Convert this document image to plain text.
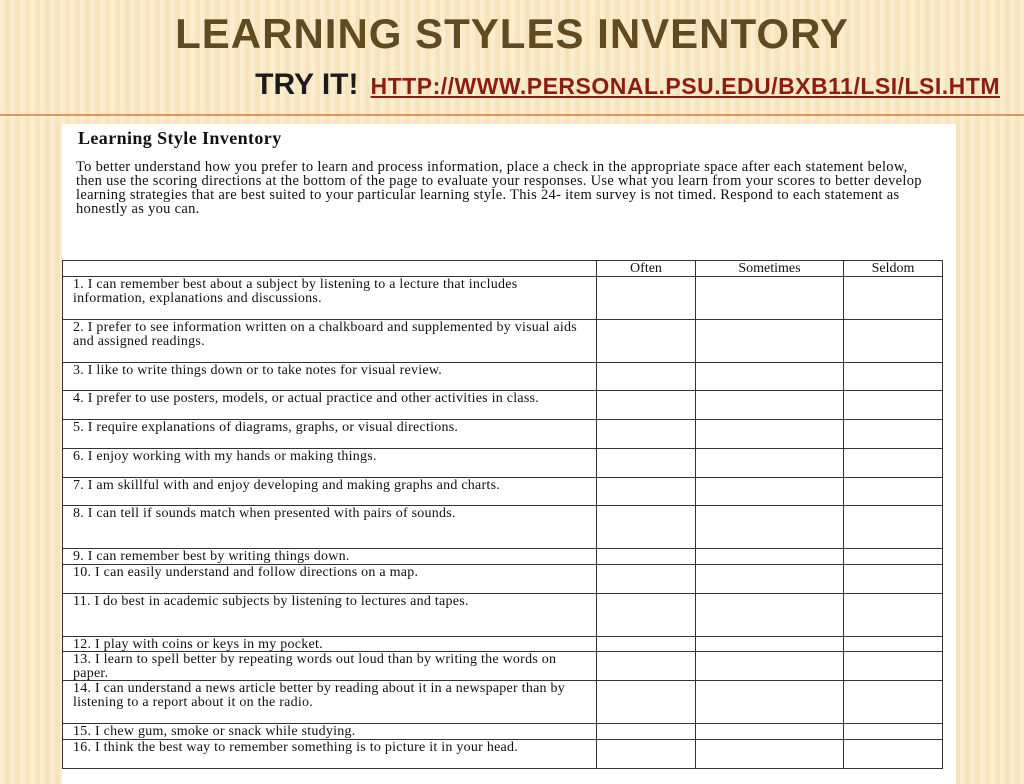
LEARNING STYLES INVENTORY
TRY IT! HTTP://WWW.PERSONAL.PSU.EDU/BXB11/LSI/LSI.HTM
Learning Style Inventory
To better understand how you prefer to learn and process information, place a check in the appropriate space after each statement below, then use the scoring directions at the bottom of the page to evaluate your responses. Use what you learn from your scores to better develop learning strategies that are best suited to your particular learning style. This 24- item survey is not timed. Respond to each statement as honestly as you can.
	Often	Sometimes	Seldom
1. I can remember best about a subject by listening to a lecture that includes information, explanations and discussions.			
2. I prefer to see information written on a chalkboard and supplemented by visual aids and assigned readings.			
3. I like to write things down or to take notes for visual review.			
4. I prefer to use posters, models, or actual practice and other activities in class.			
5. I require explanations of diagrams, graphs, or visual directions.			
6. I enjoy working with my hands or making things.			
7. I am skillful with and enjoy developing and making graphs and charts.			
8. I can tell if sounds match when presented with pairs of sounds.			
9. I can remember best by writing things down.			
10. I can easily understand and follow directions on a map.			
11. I do best in academic subjects by listening to lectures and tapes.			
12. I play with coins or keys in my pocket.			
13. I learn to spell better by repeating words out loud than by writing the words on paper.			
14. I can understand a news article better by reading about it in a newspaper than by listening to a report about it on the radio.			
15. I chew gum, smoke or snack while studying.			
16. I think the best way to remember something is to picture it in your head.			
